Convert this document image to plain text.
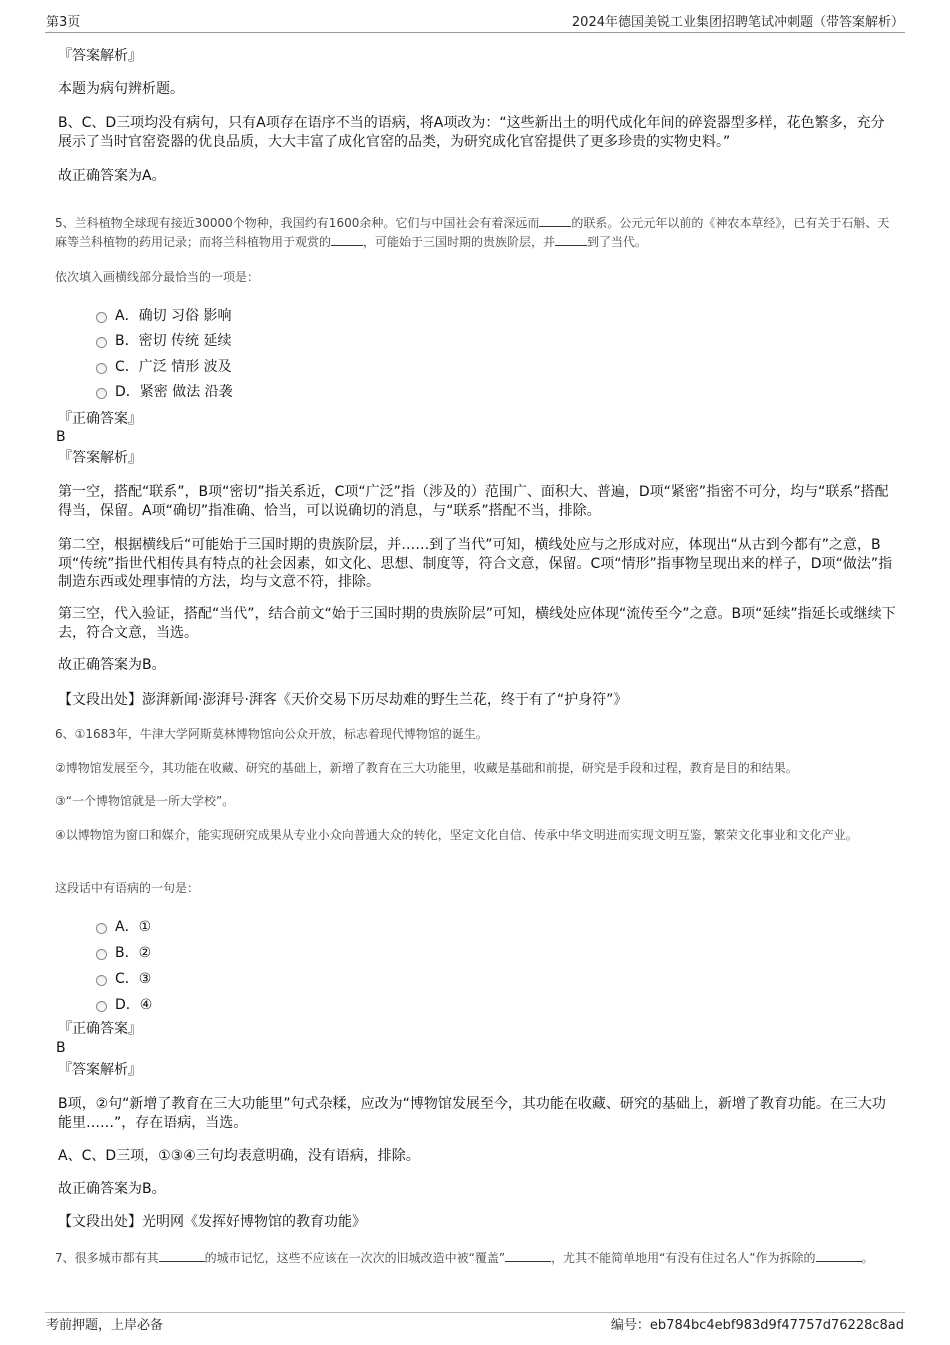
第3页	2024年德国美锐工业集团招聘笔试冲刺题（带答案解析）
『答案解析』
本题为病句辨析题。
B、C、D三项均没有病句，只有A项存在语序不当的语病，将A项改为：“这些新出土的明代成化年间的碎瓷器型多样，花色繁多，充分展示了当时官窑瓷器的优良品质，大大丰富了成化官窑的品类，为研究成化官窑提供了更多珍贵的实物史料。”
故正确答案为A。
5、兰科植物全球现有接近30000个物种，我国约有1600余种。它们与中国社会有着深远而	的联系。公元元年以前的《神农本草经》，已有关于石斛、天麻等兰科植物的药用记录；而将兰科植物用于观赏的	，可能始于三国时期的贵族阶层，并	到了当代。
依次填入画横线部分最恰当的一项是：
A．确切 习俗 影响
B．密切 传统 延续
C．广泛 情形 波及
D．紧密 做法 沿袭
『正确答案』
B
『答案解析』
第一空，搭配“联系”，B项“密切”指关系近，C项“广泛”指（涉及的）范围广、面积大、普遍，D项“紧密”指密不可分，均与“联系”搭配得当，保留。A项“确切”指准确、恰当，可以说确切的消息，与“联系”搭配不当，排除。
第二空，根据横线后“可能始于三国时期的贵族阶层，并……到了当代”可知，横线处应与之形成对应，体现出“从古到今都有”之意，B项“传统”指世代相传具有特点的社会因素，如文化、思想、制度等，符合文意，保留。C项“情形”指事物呈现出来的样子，D项“做法”指制造东西或处理事情的方法，均与文意不符，排除。
第三空，代入验证，搭配“当代”，结合前文“始于三国时期的贵族阶层”可知，横线处应体现“流传至今”之意。B项“延续”指延长或继续下去，符合文意，当选。
故正确答案为B。
【文段出处】澎湃新闻·澎湃号·湃客《天价交易下历尽劫难的野生兰花，终于有了“护身符”》
6、①1683年，牛津大学阿斯莫林博物馆向公众开放，标志着现代博物馆的诞生。
②博物馆发展至今，其功能在收藏、研究的基础上，新增了教育在三大功能里，收藏是基础和前提，研究是手段和过程，教育是目的和结果。
③“一个博物馆就是一所大学校”。
④以博物馆为窗口和媒介，能实现研究成果从专业小众向普通大众的转化，坚定文化自信、传承中华文明进而实现文明互鉴，繁荣文化事业和文化产业。
这段话中有语病的一句是：
A．①
B．②
C．③
D．④
『正确答案』
B
『答案解析』
B项，②句“新增了教育在三大功能里”句式杂糅，应改为“博物馆发展至今，其功能在收藏、研究的基础上，新增了教育功能。在三大功能里……”，存在语病，当选。
A、C、D三项，①③④三句均表意明确，没有语病，排除。
故正确答案为B。
【文段出处】光明网《发挥好博物馆的教育功能》
7、很多城市都有其	的城市记忆，这些不应该在一次次的旧城改造中被“覆盖”	，尤其不能简单地用“有没有住过名人”作为拆除的	。
考前押题，上岸必备	编号：eb784bc4ebf983d9f47757d76228c8ad
